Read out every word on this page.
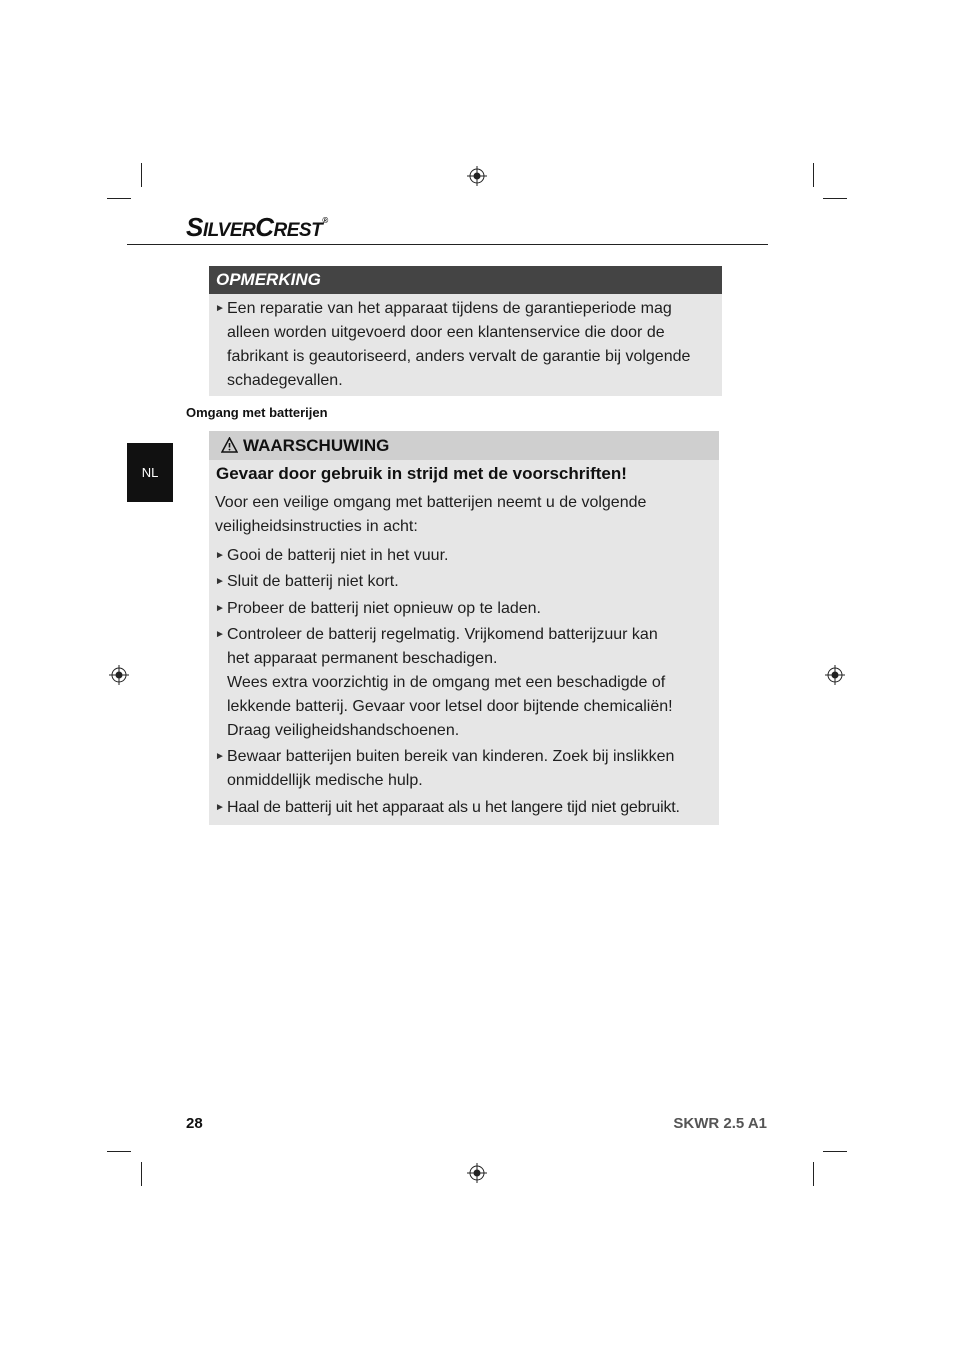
SILVERCREST®
OPMERKING
► Een reparatie van het apparaat tijdens de garantieperiode mag
alleen worden uitgevoerd door een klantenservice die door de
fabrikant is geautoriseerd, anders vervalt de garantie bij volgende
schadegevallen.
Omgang met batterijen
NL
WAARSCHUWING
Gevaar door gebruik in strijd met de voorschriften!
Voor een veilige omgang met batterijen neemt u de volgende
veiligheidsinstructies in acht:
► Gooi de batterij niet in het vuur.
► Sluit de batterij niet kort.
► Probeer de batterij niet opnieuw op te laden.
► Controleer de batterij regelmatig. Vrijkomend batterijzuur kan
het apparaat permanent beschadigen.
Wees extra voorzichtig in de omgang met een beschadigde of
lekkende batterij. Gevaar voor letsel door bijtende chemicaliën!
Draag veiligheidshandschoenen.
► Bewaar batterijen buiten bereik van kinderen. Zoek bij inslikken
onmiddellijk medische hulp.
► Haal de batterij uit het apparaat als u het langere tijd niet gebruikt.
28	SKWR 2.5 A1
